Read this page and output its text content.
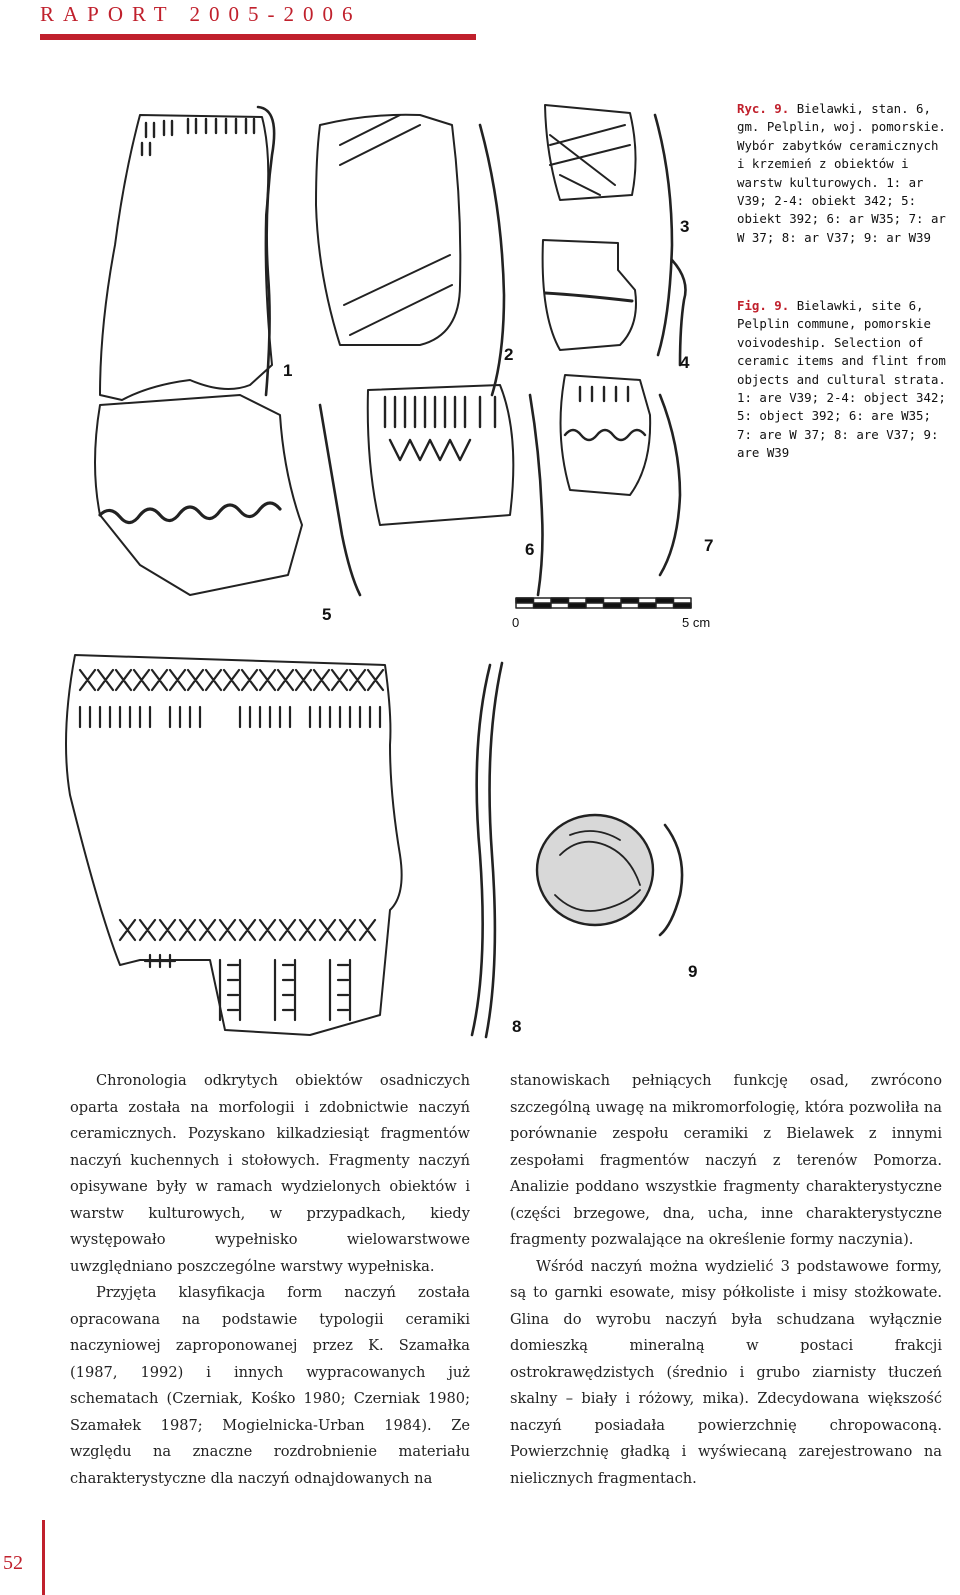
RAPORT 2005-2006
1
2
3
4
5
6	7
8
9
0	5 cm
Ryc. 9. Bielawki, stan. 6, gm. Pelplin, woj. pomorskie. Wybór zabytków ceramicznych i krzemień z obiektów i warstw kulturowych. 1: ar V39; 2-4: obiekt 342; 5: obiekt 392; 6: ar W35; 7: ar W 37; 8: ar V37; 9: ar W39
Fig. 9. Bielawki, site 6, Pelplin commune, pomorskie voivodeship. Selection of ceramic items and flint from objects and cultural strata. 1: are V39; 2-4: object 342; 5: object 392; 6: are W35; 7: are W 37; 8: are V37; 9: are W39

Chronologia odkrytych obiektów osadniczych oparta została na morfologii i zdobnictwie naczyń ceramicznych. Pozyskano kilkadziesiąt fragmentów naczyń kuchennych i stołowych. Fragmenty naczyń opisywane były w ramach wydzielonych obiektów i warstw kulturowych, w przypadkach, kiedy występowało wypełnisko wielowarstwowe uwzględniano poszczególne warstwy wypełniska.

Przyjęta klasyfikacja form naczyń została opracowana na podstawie typologii ceramiki naczyniowej zaproponowanej przez K. Szamałka (1987, 1992) i innych wypracowanych już schematach (Czerniak, Kośko 1980; Czerniak 1980; Szamałek 1987; Mogielnicka-Urban 1984). Ze względu na znaczne rozdrobnienie materiału charakterystyczne dla naczyń odnajdowanych na

stanowiskach pełniących funkcję osad, zwrócono szczególną uwagę na mikromorfologię, która pozwoliła na porównanie zespołu ceramiki z Bielawek z innymi zespołami fragmentów naczyń z terenów Pomorza. Analizie poddano wszystkie fragmenty charakterystyczne (części brzegowe, dna, ucha, inne charakterystyczne fragmenty pozwalające na określenie formy naczynia).

Wśród naczyń można wydzielić 3 podstawowe formy, są to garnki esowate, misy półkoliste i misy stożkowate. Glina do wyrobu naczyń była schudzana wyłącznie domieszką mineralną w postaci frakcji ostrokrawędzistych (średnio i grubo ziarnisty tłuczeń skalny – biały i różowy, mika). Zdecydowana większość naczyń posiadała powierzchnię chropowaconą. Powierzchnię gładką i wyświecaną zarejestrowano na nielicznych fragmentach.

52
